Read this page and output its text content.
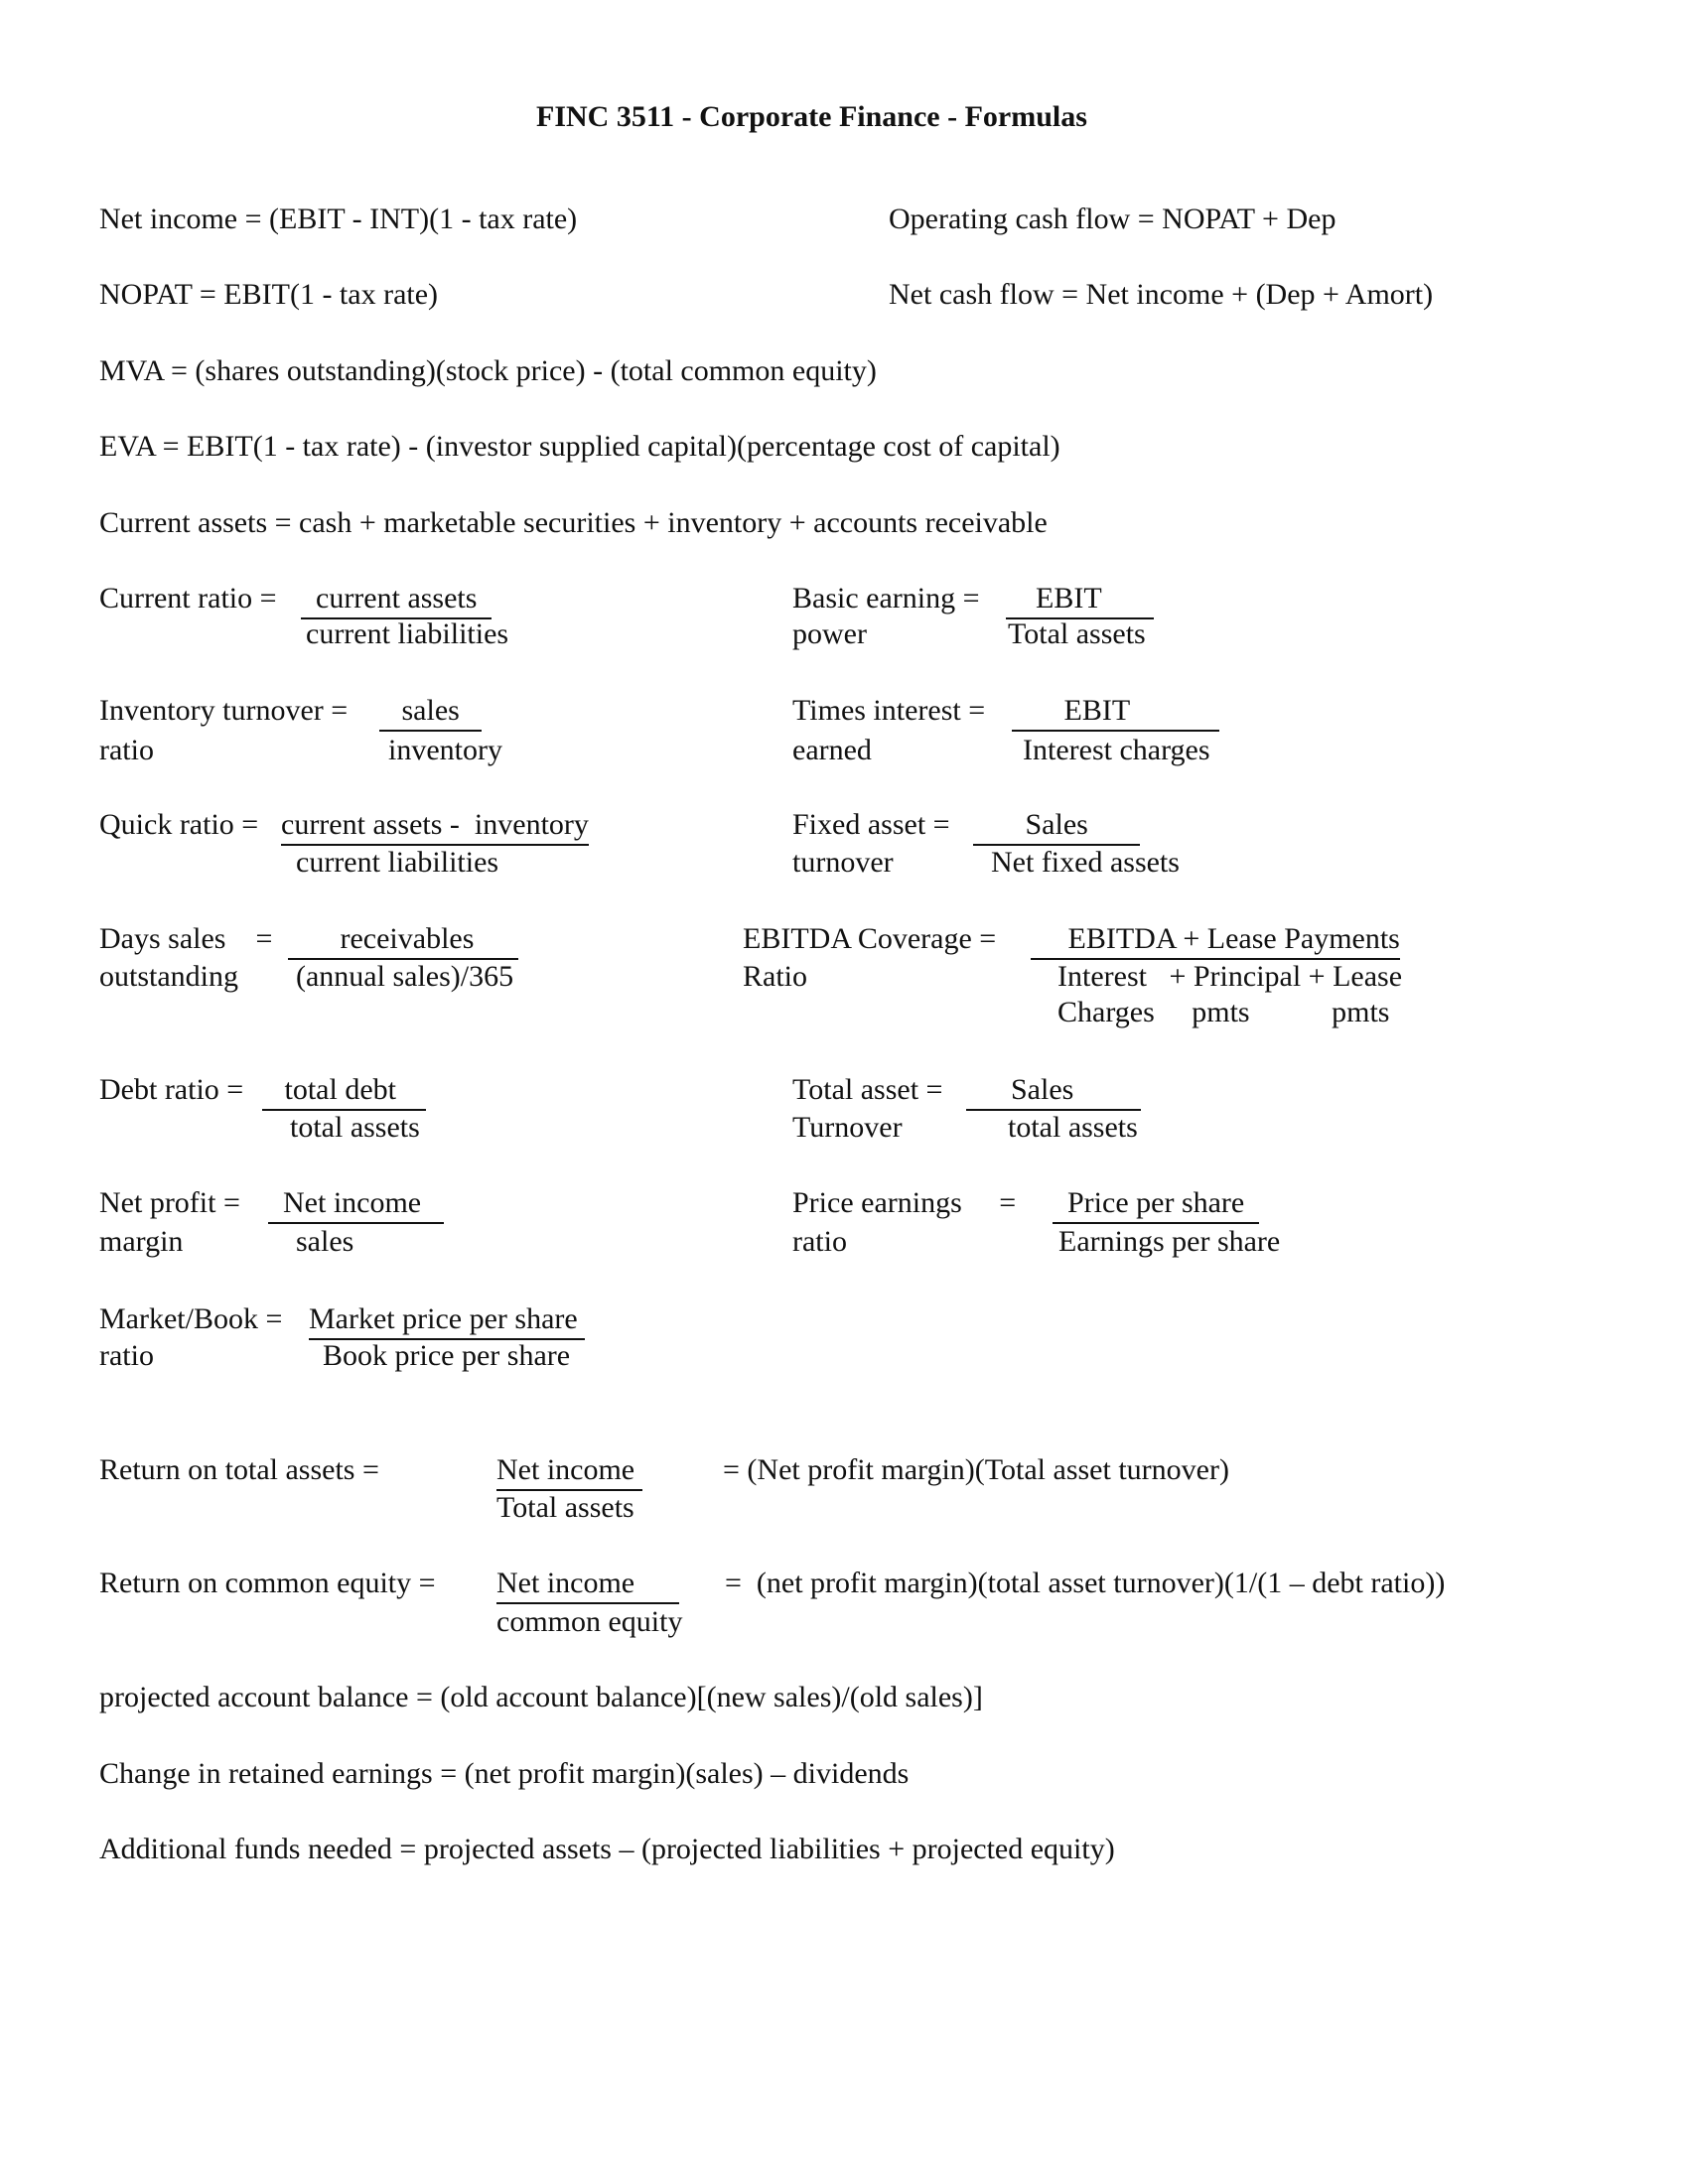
FINC 3511 - Corporate Finance - Formulas
Net income = (EBIT - INT)(1 - tax rate)	Operating cash flow = NOPAT + Dep
NOPAT = EBIT(1 - tax rate)	Net cash flow = Net income + (Dep + Amort)
MVA = (shares outstanding)(stock price) - (total common equity)
EVA = EBIT(1 - tax rate) - (investor supplied capital)(percentage cost of capital)
Current assets = cash + marketable securities + inventory + accounts receivable
Current ratio = current assets
current liabilities
Basic earning =
power
EBIT
Total assets
Inventory turnover =
ratio
sales
inventory
Times interest =
earned
EBIT
Interest charges
Quick ratio = current assets -  inventory
current liabilities
Fixed asset =
turnover
Sales
Net fixed assets
Days sales    =
outstanding
receivables
(annual sales)/365
EBITDA Coverage =
Ratio
EBITDA + Lease Payments
Interest   + Principal + Lease
Charges     pmts           pmts
Debt ratio = total debt
total assets
Total asset =
Turnover
Sales
total assets
Net profit =
margin
Net income
sales
Price earnings     =
ratio
Price per share
Earnings per share
Market/Book =
ratio
Market price per share
Book price per share
Return on total assets =	Net income
Total assets
= (Net profit margin)(Total asset turnover)
Return on common equity = Net income
common equity
=  (net profit margin)(total asset turnover)(1/(1 – debt ratio))
projected account balance = (old account balance)[(new sales)/(old sales)]
Change in retained earnings = (net profit margin)(sales) – dividends
Additional funds needed = projected assets – (projected liabilities + projected equity)
